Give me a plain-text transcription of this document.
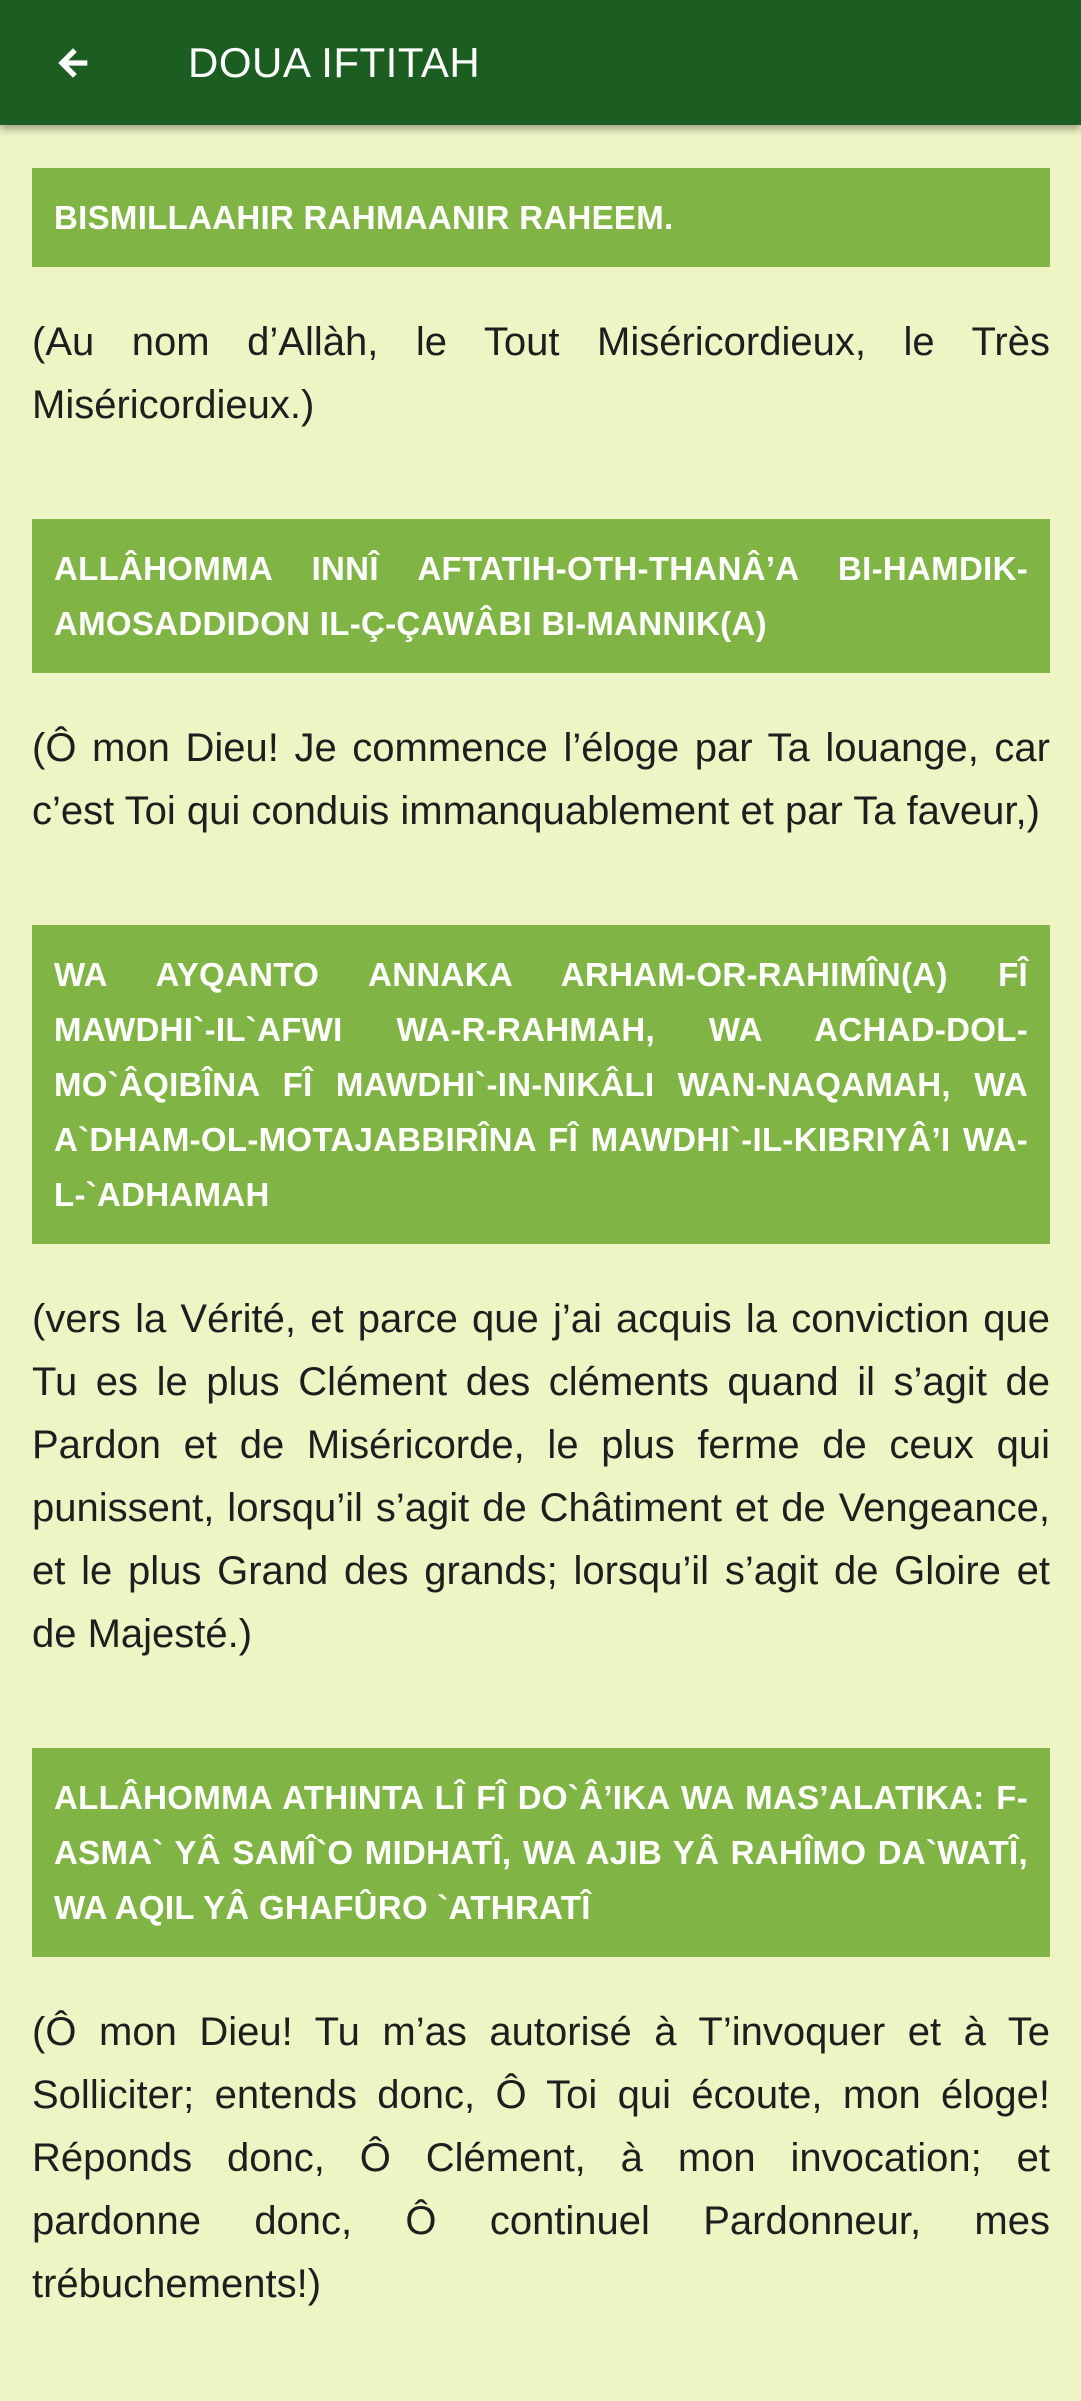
DOUA IFTITAH
BISMILLAAHIR RAHMAANIR RAHEEM.
(Au nom d’Allàh, le Tout Miséricordieux, le Très Miséricordieux.)
ALLÂHOMMA INNÎ AFTATIH-OTH-THANÂ’A BI-HAMDIK-AMOSADDIDON IL-Ç-ÇAWÂBI BI-MANNIK(A)
(Ô mon Dieu! Je commence l’éloge par Ta louange, car c’est Toi qui conduis immanquablement et par Ta faveur,)
WA AYQANTO ANNAKA ARHAM-OR-RAHIMÎN(A) FÎ MAWDHI`-IL`AFWI WA-R-RAHMAH, WA ACHAD-DOL-MO`ÂQIBÎNA FÎ MAWDHI`-IN-NIKÂLI WAN-NAQAMAH, WA A`DHAM-OL-MOTAJABBIRÎNA FÎ MAWDHI`-IL-KIBRIYÂ’I WA-L-`ADHAMAH
(vers la Vérité, et parce que j’ai acquis la conviction que Tu es le plus Clément des cléments quand il s’agit de Pardon et de Miséricorde, le plus ferme de ceux qui punissent, lorsqu’il s’agit de Châtiment et de Vengeance, et le plus Grand des grands; lorsqu’il s’agit de Gloire et de Majesté.)
ALLÂHOMMA ATHINTA LÎ FÎ DO`Â’IKA WA MAS’ALATIKA: F-ASMA` YÂ SAMÎ`O MIDHATÎ, WA AJIB YÂ RAHÎMO DA`WATÎ, WA AQIL YÂ GHAFÛRO `ATHRATÎ
(Ô mon Dieu! Tu m’as autorisé à T’invoquer et à Te Solliciter; entends donc, Ô Toi qui écoute, mon éloge! Réponds donc, Ô Clément, à mon invocation; et pardonne donc, Ô continuel Pardonneur, mes trébuchements!)
